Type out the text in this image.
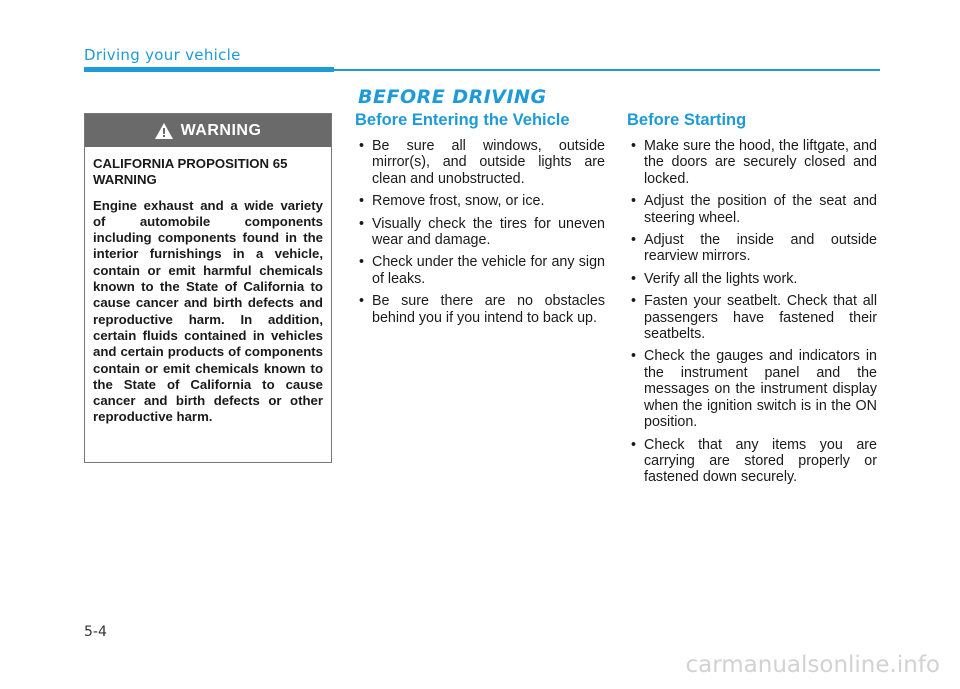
Driving your vehicle
BEFORE DRIVING
WARNING

CALIFORNIA PROPOSITION 65 WARNING

Engine exhaust and a wide variety of automobile components including components found in the interior furnishings in a vehicle, contain or emit harmful chemicals known to the State of California to cause cancer and birth defects and reproductive harm. In addition, certain fluids contained in vehicles and certain products of components contain or emit chemicals known to the State of California to cause cancer and birth defects or other reproductive harm.

Before Entering the Vehicle
• Be sure all windows, outside mirror(s), and outside lights are clean and unobstructed.
• Remove frost, snow, or ice.
• Visually check the tires for uneven wear and damage.
• Check under the vehicle for any sign of leaks.
• Be sure there are no obstacles behind you if you intend to back up.
Before Starting
• Make sure the hood, the liftgate, and the doors are securely closed and locked.
• Adjust the position of the seat and steering wheel.
• Adjust the inside and outside rearview mirrors.
• Verify all the lights work.
• Fasten your seatbelt. Check that all passengers have fastened their seatbelts.
• Check the gauges and indicators in the instrument panel and the messages on the instrument display when the ignition switch is in the ON position.
• Check that any items you are carrying are stored properly or fastened down securely.
5-4
carmanualsonline.info
